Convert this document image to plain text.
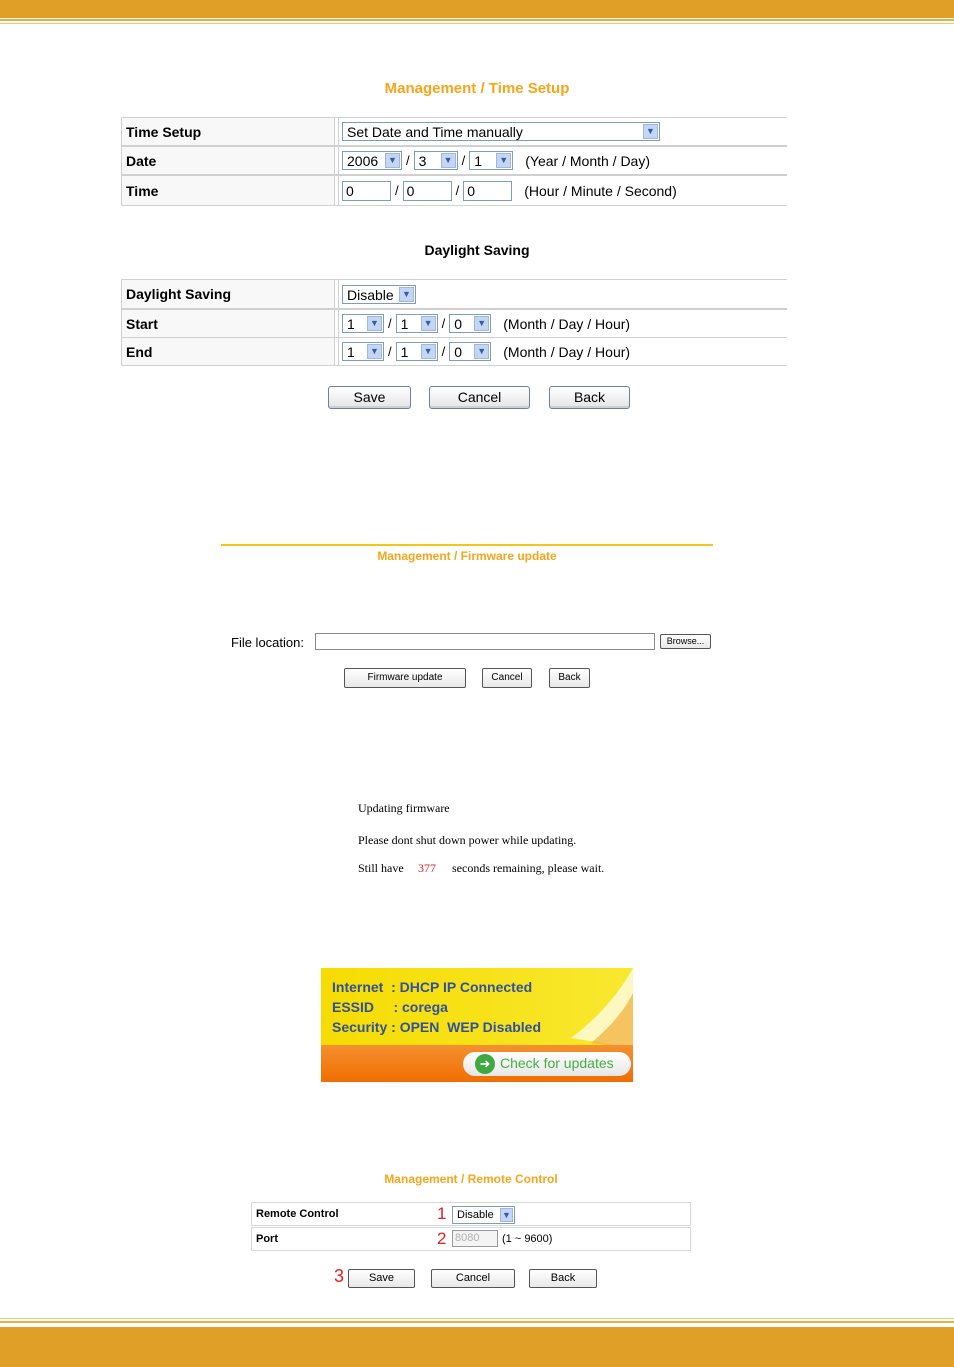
Management / Time Setup
Time Setup	Set Date and Time manually	▼
Date	2006	▼ / 3	▼ / 1	▼ (Year / Month / Day)
Time	0	/ 0	/ 0	(Hour / Minute / Second)
Daylight Saving
Daylight Saving	Disable ▼
Start	1	▼ / 1	▼ / 0	▼ (Month / Day / Hour)
End	1	▼ / 1	▼ / 0	▼ (Month / Day / Hour)
Save	Cancel	Back
Management / Firmware update
File location:	Browse...
Firmware update	Cancel	Back
Updating firmware
Please dont shut down power while updating.
Still have 377 seconds remaining, please wait.
Internet  : DHCP IP Connected
ESSID     : corega
Security : OPEN  WEP Disabled
➜ Check for updates
Management / Remote Control
Remote Control	1 Disable ▼
Port	2 8080	(1 ~ 9600)
3	Save	Cancel	Back
